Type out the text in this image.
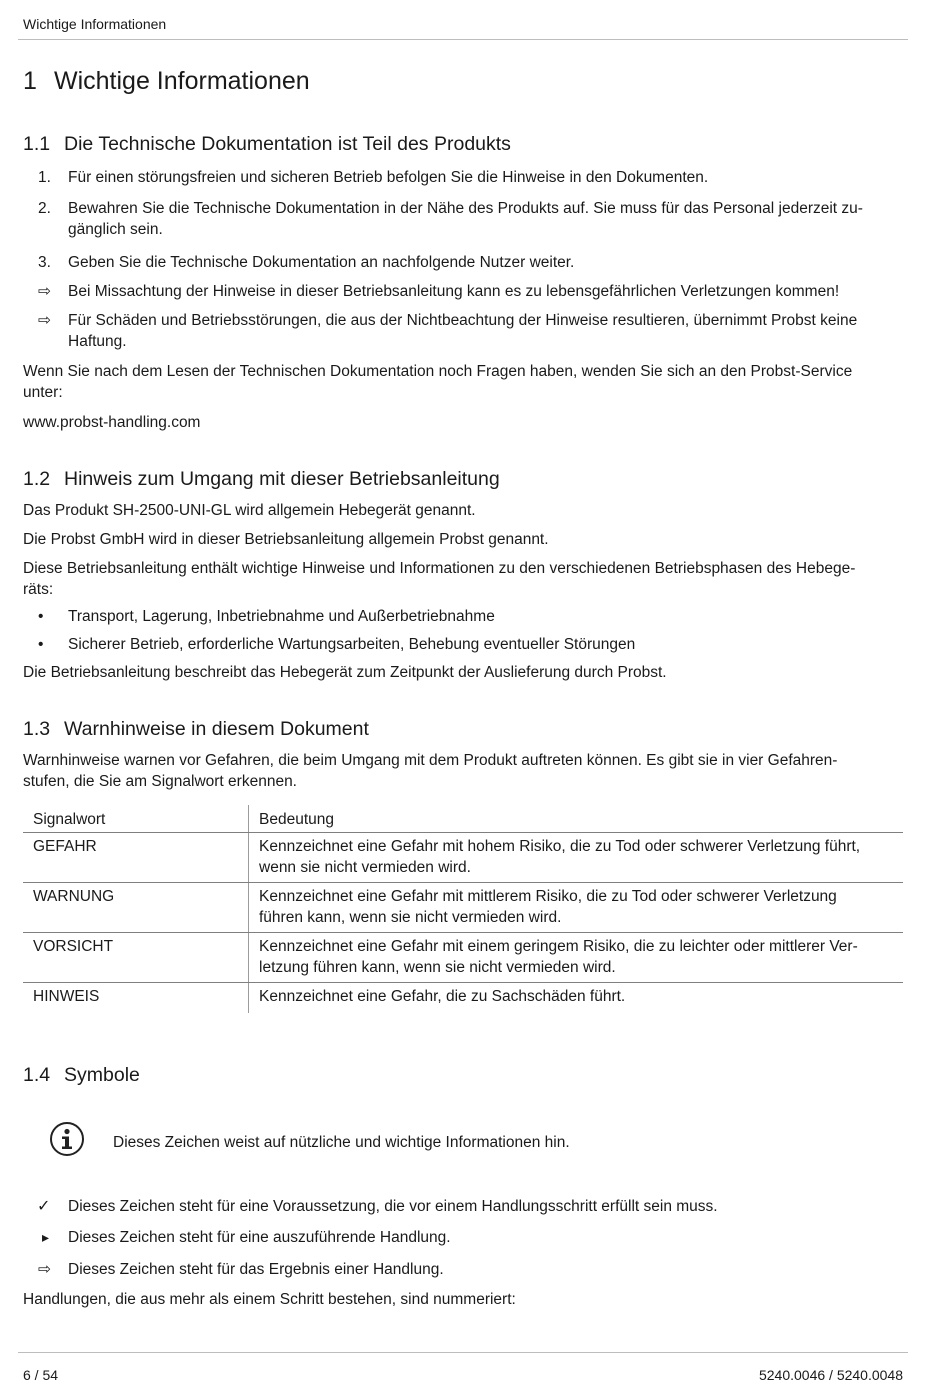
Wichtige Informationen
6 / 54	5240.0046 / 5240.0048
1 Wichtige Informationen
1.1 Die Technische Dokumentation ist Teil des Produkts
1. Für einen störungsfreien und sicheren Betrieb befolgen Sie die Hinweise in den Dokumenten.
2. Bewahren Sie die Technische Dokumentation in der Nähe des Produkts auf. Sie muss für das Personal jederzeit zu-
gänglich sein.
3. Geben Sie die Technische Dokumentation an nachfolgende Nutzer weiter.
⇨ Bei Missachtung der Hinweise in dieser Betriebsanleitung kann es zu lebensgefährlichen Verletzungen kommen!
⇨ Für Schäden und Betriebsstörungen, die aus der Nichtbeachtung der Hinweise resultieren, übernimmt Probst keine
Haftung.

Wenn Sie nach dem Lesen der Technischen Dokumentation noch Fragen haben, wenden Sie sich an den Probst-Service
unter:

www.probst-handling.com

1.2 Hinweis zum Umgang mit dieser Betriebsanleitung

Das Produkt SH-2500-UNI-GL wird allgemein Hebegerät genannt.

Die Probst GmbH wird in dieser Betriebsanleitung allgemein Probst genannt.

Diese Betriebsanleitung enthält wichtige Hinweise und Informationen zu den verschiedenen Betriebsphasen des Hebege-
räts:

• Transport, Lagerung, Inbetriebnahme und Außerbetriebnahme
• Sicherer Betrieb, erforderliche Wartungsarbeiten, Behebung eventueller Störungen

Die Betriebsanleitung beschreibt das Hebegerät zum Zeitpunkt der Auslieferung durch Probst.

1.3 Warnhinweise in diesem Dokument

Warnhinweise warnen vor Gefahren, die beim Umgang mit dem Produkt auftreten können. Es gibt sie in vier Gefahren-
stufen, die Sie am Signalwort erkennen.

Signalwort	Bedeutung
GEFAHR	Kennzeichnet eine Gefahr mit hohem Risiko, die zu Tod oder schwerer Verletzung führt,
wenn sie nicht vermieden wird.

WARNUNG	Kennzeichnet eine Gefahr mit mittlerem Risiko, die zu Tod oder schwerer Verletzung
führen kann, wenn sie nicht vermieden wird.

VORSICHT	Kennzeichnet eine Gefahr mit einem geringem Risiko, die zu leichter oder mittlerer Ver-
letzung führen kann, wenn sie nicht vermieden wird.

HINWEIS	Kennzeichnet eine Gefahr, die zu Sachschäden führt.
1.4 Symbole

Dieses Zeichen weist auf nützliche und wichtige Informationen hin.

✓ Dieses Zeichen steht für eine Voraussetzung, die vor einem Handlungsschritt erfüllt sein muss.
▸ Dieses Zeichen steht für eine auszuführende Handlung.
⇨ Dieses Zeichen steht für das Ergebnis einer Handlung.

Handlungen, die aus mehr als einem Schritt bestehen, sind nummeriert:
